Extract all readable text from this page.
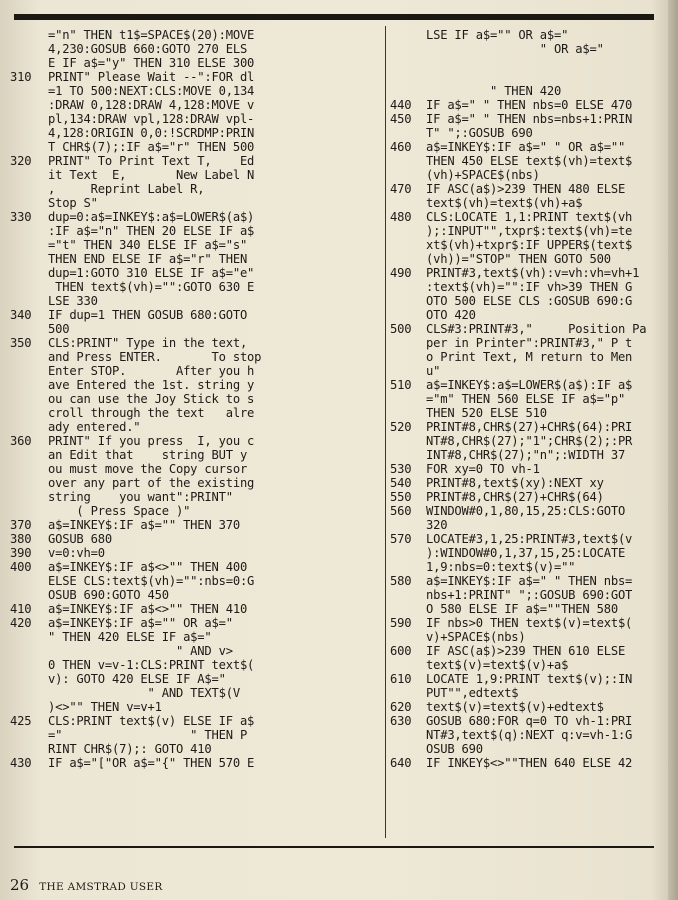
="n" THEN t1$=SPACE$(20):MOVE
4,230:GOSUB 660:GOTO 270 ELS
E IF a$="y" THEN 310 ELSE 300
310	PRINT" Please Wait --":FOR dl
=1 TO 500:NEXT:CLS:MOVE 0,134
:DRAW 0,128:DRAW 4,128:MOVE v
pl,134:DRAW vpl,128:DRAW vpl-
4,128:ORIGIN 0,0:!SCRDMP:PRIN
T CHR$(7);:IF a$="r" THEN 500
320	PRINT" To Print Text T,    Ed
it Text  E,       New Label N
,     Reprint Label R,
Stop S"
330	dup=0:a$=INKEY$:a$=LOWER$(a$)
:IF a$="n" THEN 20 ELSE IF a$
="t" THEN 340 ELSE IF a$="s"
THEN END ELSE IF a$="r" THEN
dup=1:GOTO 310 ELSE IF a$="e"
THEN text$(vh)="":GOTO 630 E
LSE 330
340	IF dup=1 THEN GOSUB 680:GOTO
500
350	CLS:PRINT" Type in the text,
and Press ENTER.       To stop
Enter STOP.       After you h
ave Entered the 1st. string y
ou can use the Joy Stick to s
croll through the text   alre
ady entered."
360	PRINT" If you press  I, you c
an Edit that    string BUT y
ou must move the Copy cursor
over any part of the existing
string    you want":PRINT"
( Press Space )"
370	a$=INKEY$:IF a$="" THEN 370
380	GOSUB 680
390	v=0:vh=0
400	a$=INKEY$:IF a$<>"" THEN 400
ELSE CLS:text$(vh)="":nbs=0:G
OSUB 690:GOTO 450
410	a$=INKEY$:IF a$<>"" THEN 410
420	a$=INKEY$:IF a$="" OR a$="
" THEN 420 ELSE IF a$="
" AND v>
0 THEN v=v-1:CLS:PRINT text$(
v): GOTO 420 ELSE IF A$="
" AND TEXT$(V
)<>"" THEN v=v+1
425	CLS:PRINT text$(v) ELSE IF a$
="                  " THEN P
RINT CHR$(7);: GOTO 410
430	IF a$="["OR a$="{" THEN 570 E
LSE IF a$="" OR a$="
" OR a$="
" THEN 420
440	IF a$=" " THEN nbs=0 ELSE 470
450	IF a$=" " THEN nbs=nbs+1:PRIN
T" ";:GOSUB 690
460	a$=INKEY$:IF a$=" " OR a$=""
THEN 450 ELSE text$(vh)=text$
(vh)+SPACE$(nbs)
470	IF ASC(a$)>239 THEN 480 ELSE
text$(vh)=text$(vh)+a$
480	CLS:LOCATE 1,1:PRINT text$(vh
);:INPUT"",txpr$:text$(vh)=te
xt$(vh)+txpr$:IF UPPER$(text$
(vh))="STOP" THEN GOTO 500
490	PRINT#3,text$(vh):v=vh:vh=vh+1
:text$(vh)="":IF vh>39 THEN G
OTO 500 ELSE CLS :GOSUB 690:G
OTO 420
500	CLS#3:PRINT#3,"     Position Pa
per in Printer":PRINT#3," P t
o Print Text, M return to Men
u"
510	a$=INKEY$:a$=LOWER$(a$):IF a$
="m" THEN 560 ELSE IF a$="p"
THEN 520 ELSE 510
520	PRINT#8,CHR$(27)+CHR$(64):PRI
NT#8,CHR$(27);"1";CHR$(2);:PR
INT#8,CHR$(27);"n";:WIDTH 37
530	FOR xy=0 TO vh-1
540	PRINT#8,text$(xy):NEXT xy
550	PRINT#8,CHR$(27)+CHR$(64)
560	WINDOW#0,1,80,15,25:CLS:GOTO
320
570	LOCATE#3,1,25:PRINT#3,text$(v
):WINDOW#0,1,37,15,25:LOCATE
1,9:nbs=0:text$(v)=""
580	a$=INKEY$:IF a$=" " THEN nbs=
nbs+1:PRINT" ";:GOSUB 690:GOT
O 580 ELSE IF a$=""THEN 580
590	IF nbs>0 THEN text$(v)=text$(
v)+SPACE$(nbs)
600	IF ASC(a$)>239 THEN 610 ELSE
text$(v)=text$(v)+a$
610	LOCATE 1,9:PRINT text$(v);:IN
PUT"",edtext$
620	text$(v)=text$(v)+edtext$
630	GOSUB 680:FOR q=0 TO vh-1:PRI
NT#3,text$(q):NEXT q:v=vh-1:G
OSUB 690
640	IF INKEY$<>""THEN 640 ELSE 42
26 THE AMSTRAD USER
